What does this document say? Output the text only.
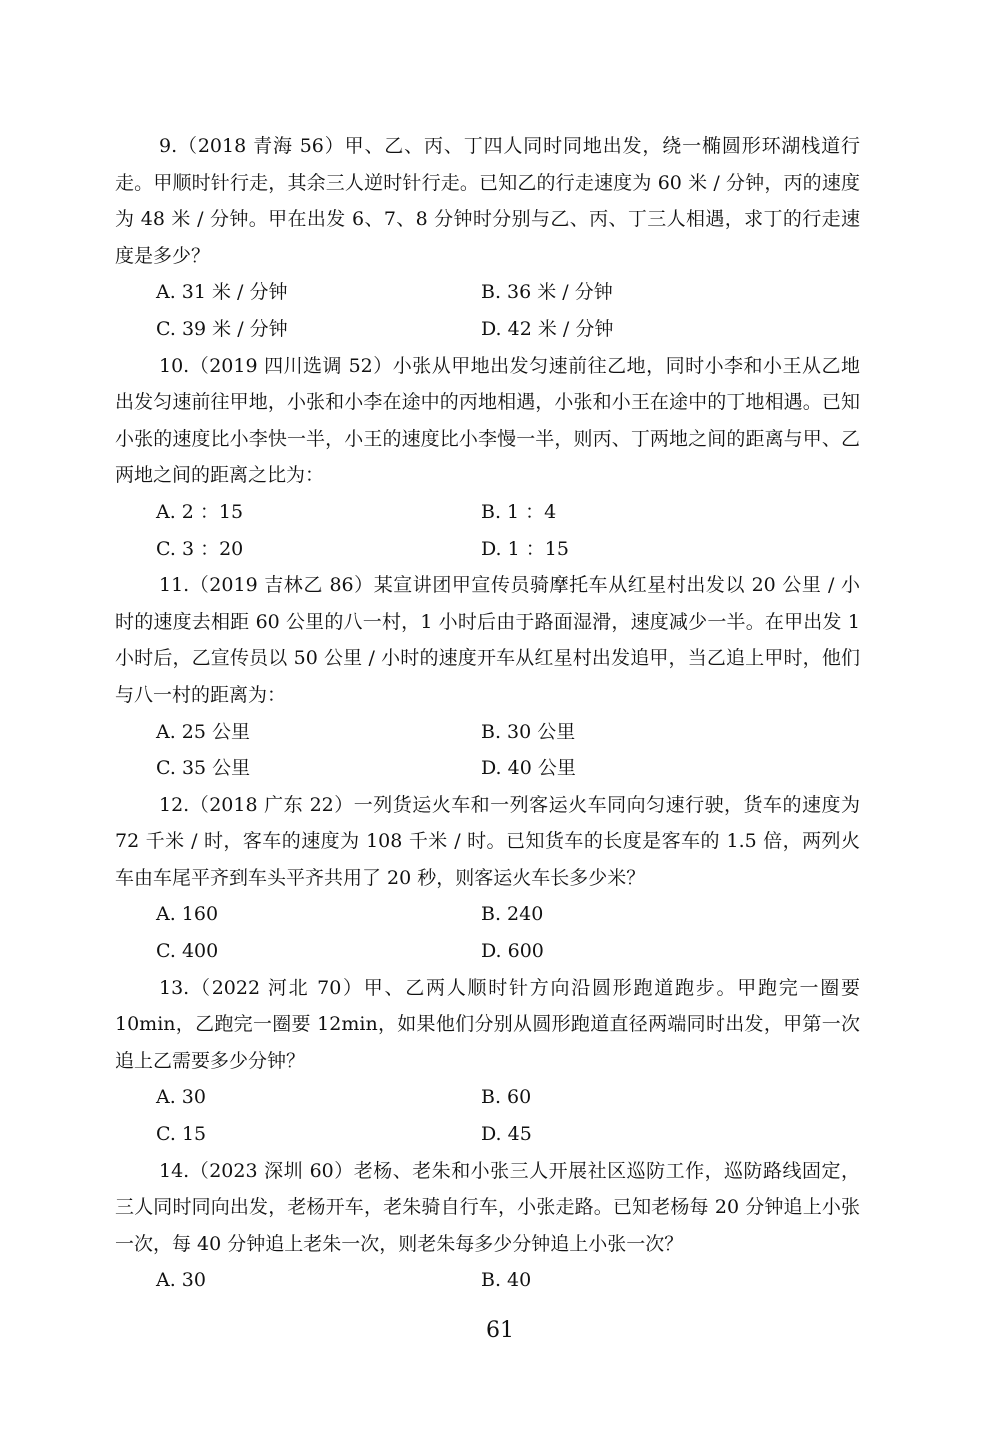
9.（2018 青海 56）甲、乙、丙、丁四人同时同地出发，绕一椭圆形环湖栈道行走。甲顺时针行走，其余三人逆时针行走。已知乙的行走速度为 60 米 / 分钟，丙的速度为 48 米 / 分钟。甲在出发 6、7、8 分钟时分别与乙、丙、丁三人相遇，求丁的行走速度是多少？

A. 31 米 / 分钟	B. 36 米 / 分钟
C. 39 米 / 分钟	D. 42 米 / 分钟

10.（2019 四川选调 52）小张从甲地出发匀速前往乙地，同时小李和小王从乙地出发匀速前往甲地，小张和小李在途中的丙地相遇，小张和小王在途中的丁地相遇。已知小张的速度比小李快一半，小王的速度比小李慢一半，则丙、丁两地之间的距离与甲、乙两地之间的距离之比为：

A. 2 ：15	B. 1 ：4
C. 3 ：20	D. 1 ：15

11.（2019 吉林乙 86）某宣讲团甲宣传员骑摩托车从红星村出发以 20 公里 / 小时的速度去相距 60 公里的八一村，1 小时后由于路面湿滑，速度减少一半。在甲出发 1 小时后，乙宣传员以 50 公里 / 小时的速度开车从红星村出发追甲，当乙追上甲时，他们与八一村的距离为：

A. 25 公里	B. 30 公里
C. 35 公里	D. 40 公里

12.（2018 广东 22）一列货运火车和一列客运火车同向匀速行驶，货车的速度为 72 千米 / 时，客车的速度为 108 千米 / 时。已知货车的长度是客车的 1.5 倍，两列火车由车尾平齐到车头平齐共用了 20 秒，则客运火车长多少米？

A. 160	B. 240
C. 400	D. 600

13.（2022 河北 70）甲、乙两人顺时针方向沿圆形跑道跑步。甲跑完一圈要 10min，乙跑完一圈要 12min，如果他们分别从圆形跑道直径两端同时出发，甲第一次追上乙需要多少分钟？

A. 30	B. 60
C. 15	D. 45

14.（2023 深圳 60）老杨、老朱和小张三人开展社区巡防工作，巡防路线固定，三人同时同向出发，老杨开车，老朱骑自行车，小张走路。已知老杨每 20 分钟追上小张一次，每 40 分钟追上老朱一次，则老朱每多少分钟追上小张一次？

A. 30	B. 40
61
